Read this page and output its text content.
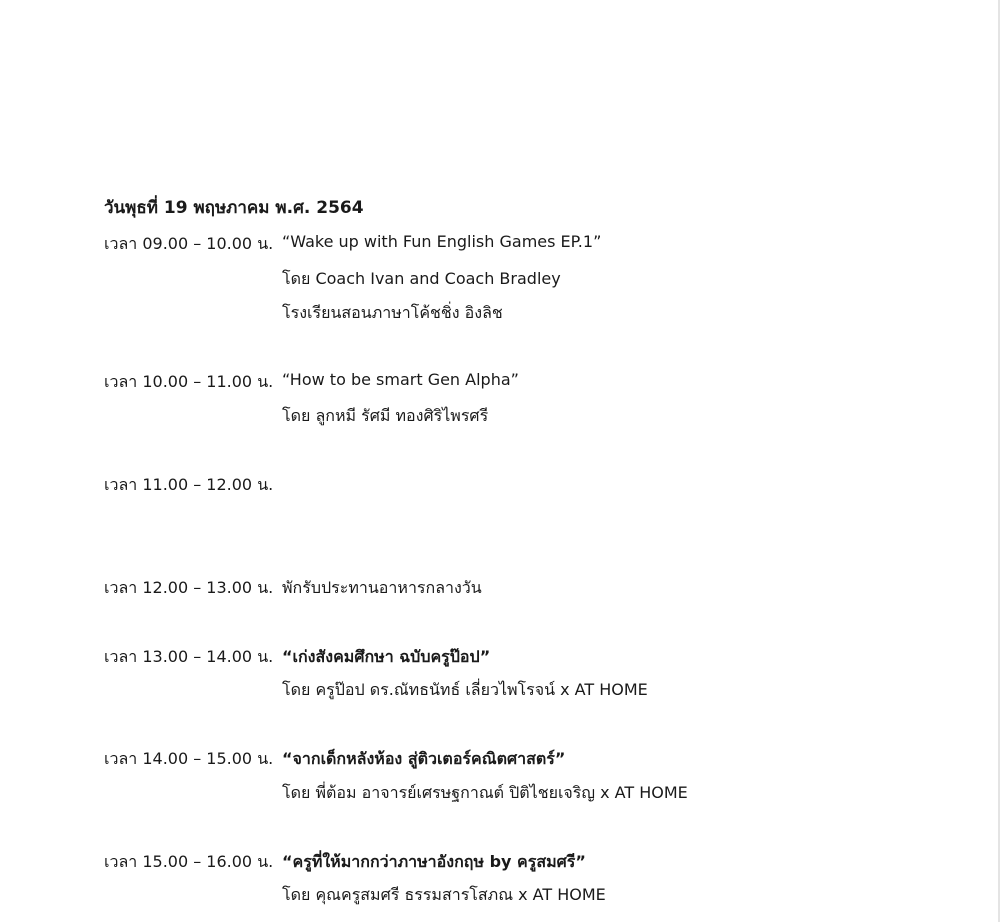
วันพุธที่ 19 พฤษภาคม พ.ศ. 2564
เวลา 09.00 – 10.00 น. “Wake up with Fun English Games EP.1”
โดย Coach Ivan and Coach Bradley
โรงเรียนสอนภาษาโค้ชชิ่ง อิงลิช
เวลา 10.00 – 11.00 น. “How to be smart Gen Alpha”
โดย ลูกหมี รัศมี ทองศิริไพรศรี
เวลา 11.00 – 12.00 น.
เวลา 12.00 – 13.00 น. พักรับประทานอาหารกลางวัน
เวลา 13.00 – 14.00 น. “เก่งสังคมศึกษา ฉบับครูป๊อป”
โดย ครูป๊อป ดร.ณัทธนัทธ์ เลี่ยวไพโรจน์ x AT HOME
เวลา 14.00 – 15.00 น. “จากเด็กหลังห้อง สู่ติวเตอร์คณิตศาสตร์”
โดย พี่ต้อม อาจารย์เศรษฐกาณต์ ปิติไชยเจริญ x AT HOME
เวลา 15.00 – 16.00 น. “ครูที่ให้มากกว่าภาษาอังกฤษ by ครูสมศรี”
โดย คุณครูสมศรี ธรรมสารโสภณ x AT HOME
